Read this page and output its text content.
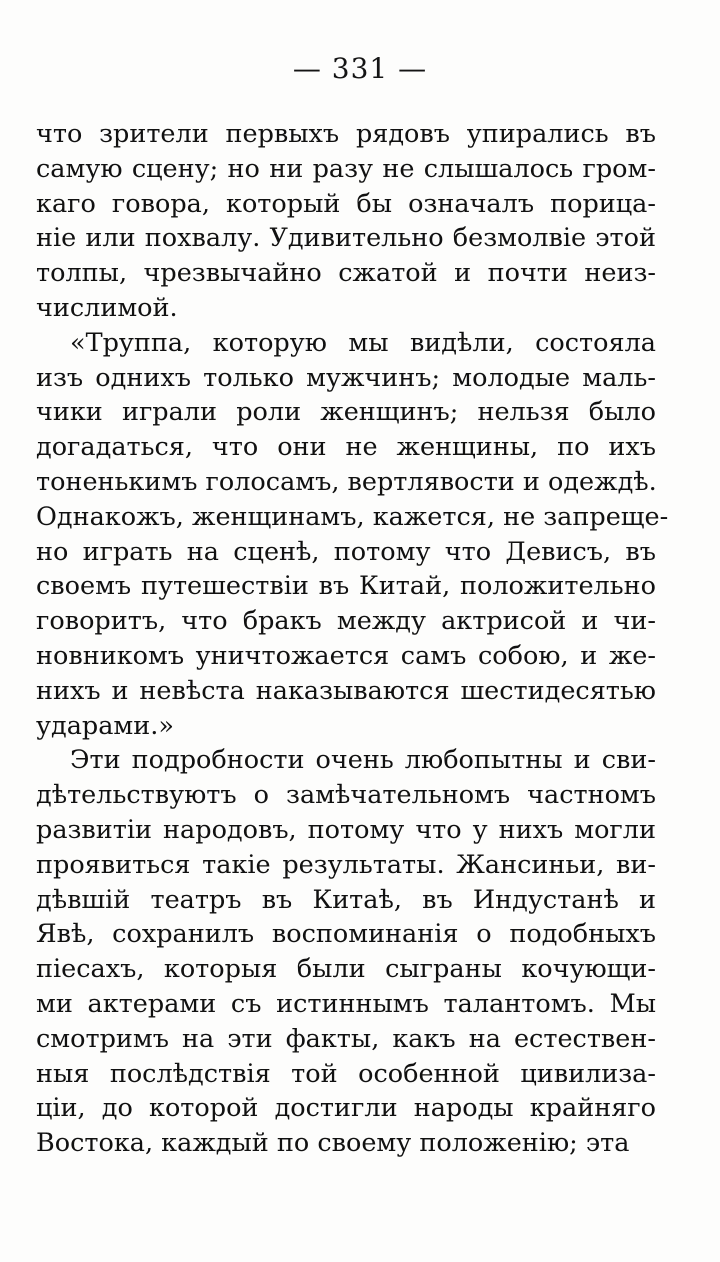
— 331 —
что зрители первыхъ рядовъ упирались въ
самую сцену; но ни разу не слышалось гром-
каго говора, который бы означалъ порица-
ніе или похвалу. Удивительно безмолвіе этой
толпы, чрезвычайно сжатой и почти неиз-
числимой.
«Труппа, которую мы видѣли, состояла
изъ однихъ только мужчинъ; молодые маль-
чики играли роли женщинъ; нельзя было
догадаться, что они не женщины, по ихъ
тоненькимъ голосамъ, вертлявости и одеждѣ.
Однакожъ, женщинамъ, кажется, не запреще-
но играть на сценѣ, потому что Девисъ, въ
своемъ путешествіи въ Китай, положительно
говоритъ, что бракъ между актрисой и чи-
новникомъ уничтожается самъ собою, и же-
нихъ и невѣста наказываются шестидесятью
ударами.»
Эти подробности очень любопытны и сви-
дѣтельствуютъ о замѣчательномъ частномъ
развитіи народовъ, потому что у нихъ могли
проявиться такіе результаты. Жансиньи, ви-
дѣвшій театръ въ Китаѣ, въ Индустанѣ и
Явѣ, сохранилъ воспоминанія о подобныхъ
піесахъ, которыя были сыграны кочующи-
ми актерами съ истиннымъ талантомъ. Мы
смотримъ на эти факты, какъ на естествен-
ныя послѣдствія той особенной цивилиза-
ціи, до которой достигли народы крайняго
Востока, каждый по своему положенію; эта
